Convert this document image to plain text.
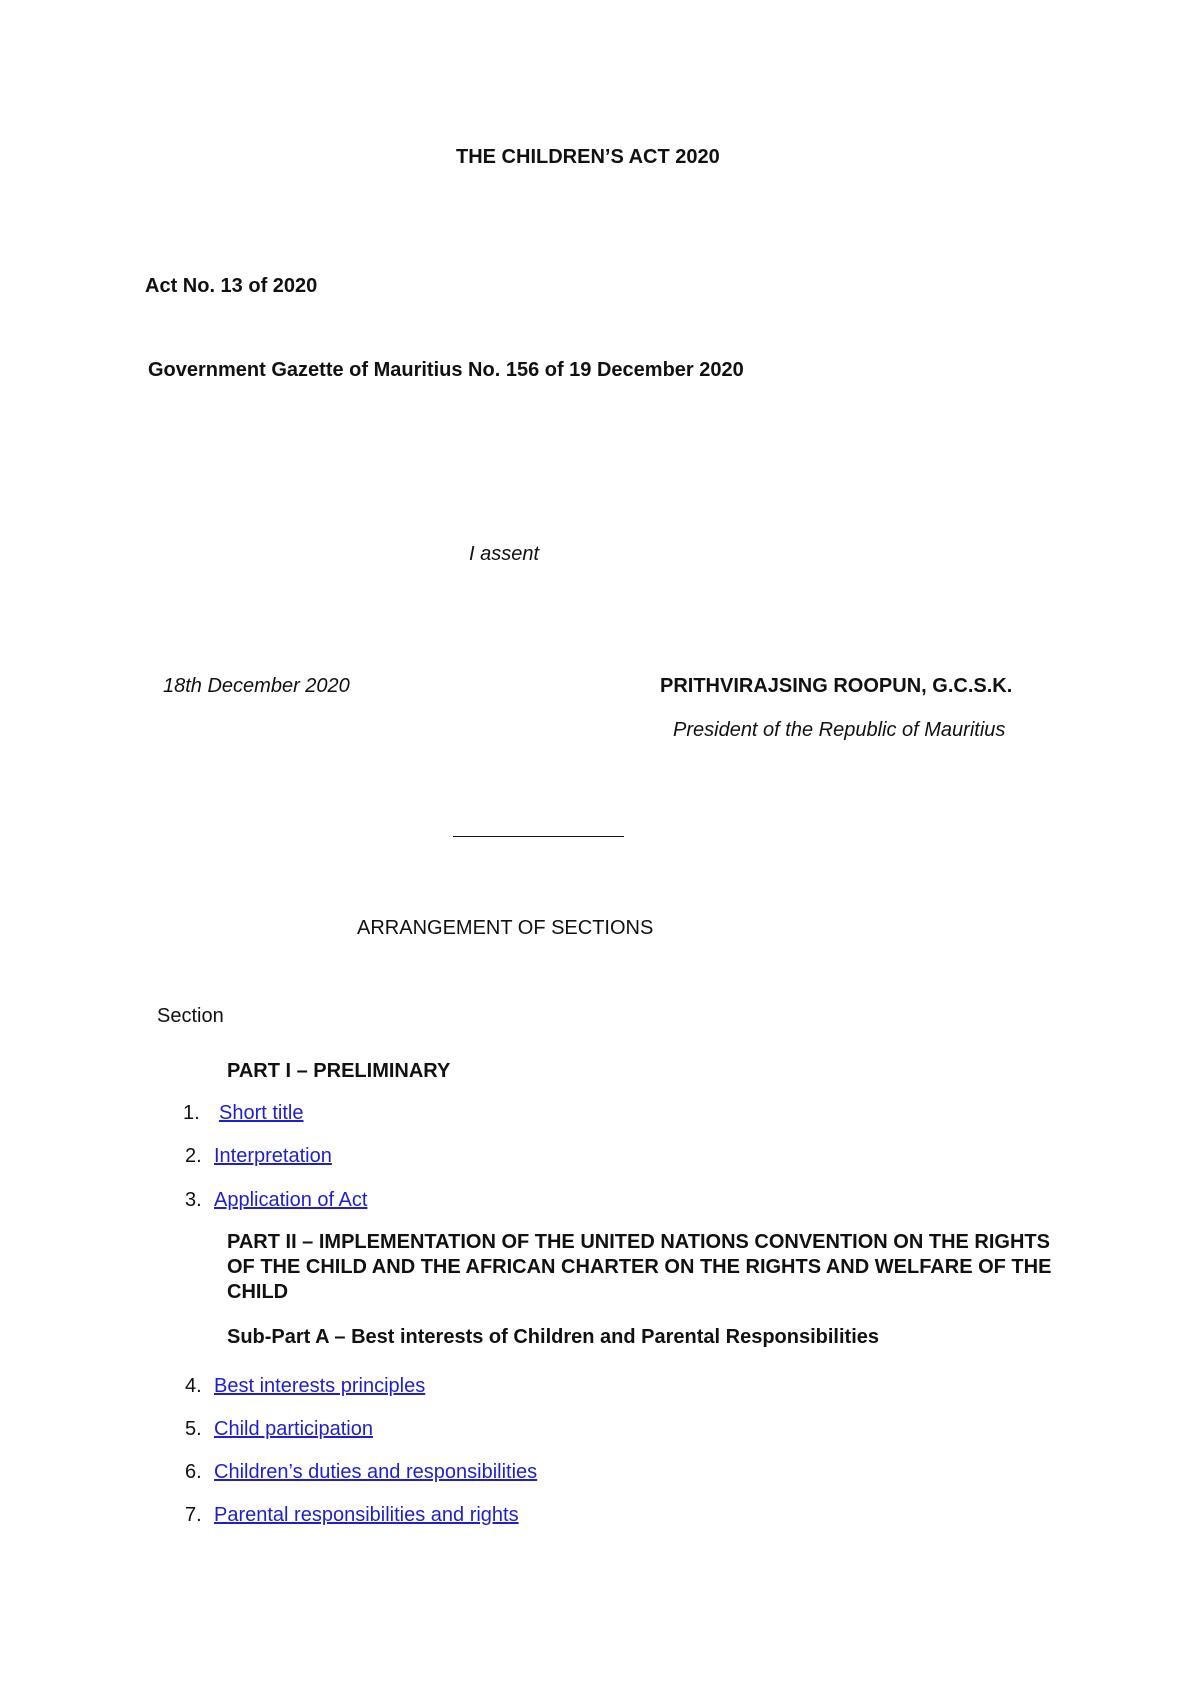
THE CHILDREN’S ACT 2020
Act No. 13 of 2020
Government Gazette of Mauritius No. 156 of 19 December 2020
I assent
18th December 2020	PRITHVIRAJSING ROOPUN, G.C.S.K.
President of the Republic of Mauritius
ARRANGEMENT OF SECTIONS
Section
PART I – PRELIMINARY
1. Short title
2. Interpretation
3. Application of Act
PART II – IMPLEMENTATION OF THE UNITED NATIONS CONVENTION ON THE RIGHTS OF THE CHILD AND THE AFRICAN CHARTER ON THE RIGHTS AND WELFARE OF THE CHILD
Sub-Part A – Best interests of Children and Parental Responsibilities
4. Best interests principles
5. Child participation
6. Children’s duties and responsibilities
7. Parental responsibilities and rights
